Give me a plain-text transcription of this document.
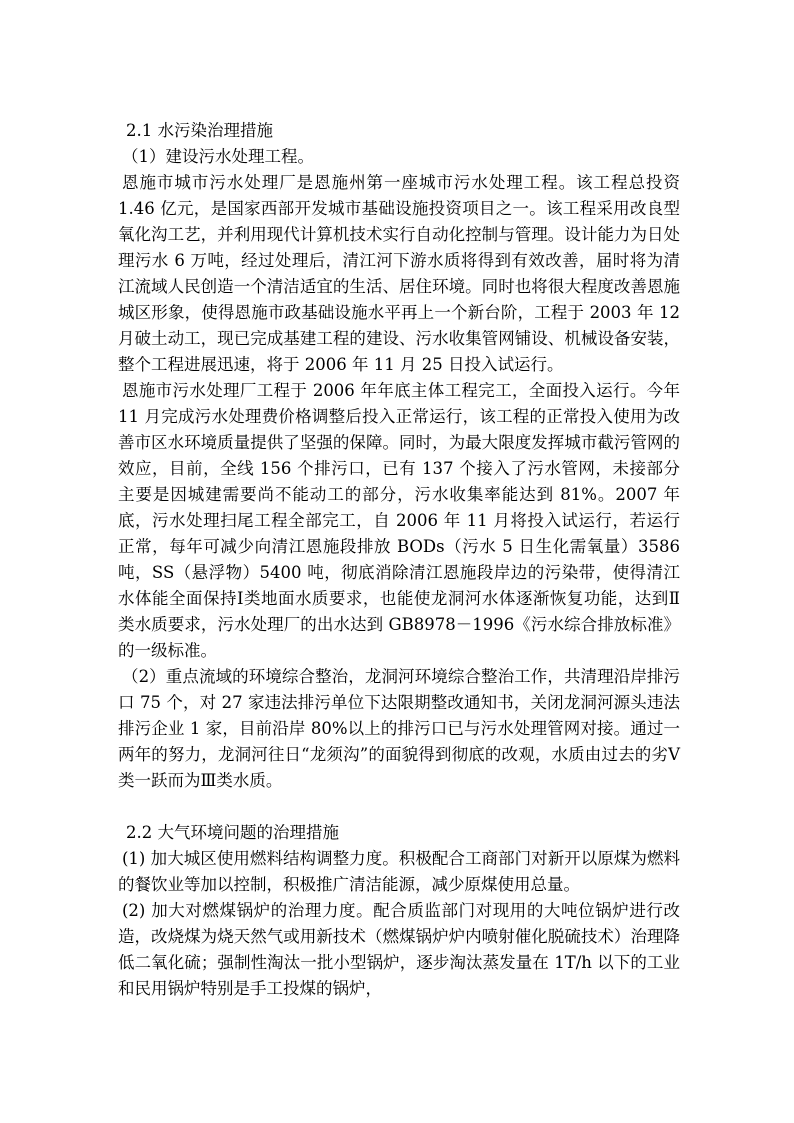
2.1 水污染治理措施

（1）建设污水处理工程。

恩施市城市污水处理厂是恩施州第一座城市污水处理工程。该工程总投资 1.46 亿元，是国家西部开发城市基础设施投资项目之一。该工程采用改良型氧化沟工艺，并利用现代计算机技术实行自动化控制与管理。设计能力为日处理污水 6 万吨，经过处理后，清江河下游水质将得到有效改善，届时将为清江流域人民创造一个清洁适宜的生活、居住环境。同时也将很大程度改善恩施城区形象，使得恩施市政基础设施水平再上一个新台阶，工程于 2003 年 12 月破土动工，现已完成基建工程的建设、污水收集管网铺设、机械设备安装，整个工程进展迅速，将于 2006 年 11 月 25 日投入试运行。

恩施市污水处理厂工程于 2006 年年底主体工程完工，全面投入运行。今年 11 月完成污水处理费价格调整后投入正常运行，该工程的正常投入使用为改善市区水环境质量提供了坚强的保障。同时，为最大限度发挥城市截污管网的效应，目前，全线 156 个排污口，已有 137 个接入了污水管网，未接部分主要是因城建需要尚不能动工的部分，污水收集率能达到 81%。2007 年底，污水处理扫尾工程全部完工，自 2006 年 11 月将投入试运行，若运行正常，每年可减少向清江恩施段排放 BODs（污水 5 日生化需氧量）3586 吨，SS（悬浮物）5400 吨，彻底消除清江恩施段岸边的污染带，使得清江水体能全面保持Ⅰ类地面水质要求，也能使龙洞河水体逐渐恢复功能，达到Ⅱ类水质要求，污水处理厂的出水达到 GB8978－1996《污水综合排放标准》的一级标准。

（2）重点流域的环境综合整治，龙洞河环境综合整治工作，共清理沿岸排污口 75 个，对 27 家违法排污单位下达限期整改通知书，关闭龙洞河源头违法排污企业 1 家，目前沿岸 80%以上的排污口已与污水处理管网对接。通过一两年的努力，龙洞河往日“龙须沟”的面貌得到彻底的改观，水质由过去的劣Ⅴ类一跃而为Ⅲ类水质。

2.2 大气环境问题的治理措施

(1) 加大城区使用燃料结构调整力度。积极配合工商部门对新开以原煤为燃料的餐饮业等加以控制，积极推广清洁能源，减少原煤使用总量。

(2) 加大对燃煤锅炉的治理力度。配合质监部门对现用的大吨位锅炉进行改造，改烧煤为烧天然气或用新技术（燃煤锅炉炉内喷射催化脱硫技术）治理降低二氧化硫；强制性淘汰一批小型锅炉，逐步淘汰蒸发量在 1T/h 以下的工业和民用锅炉特别是手工投煤的锅炉，
